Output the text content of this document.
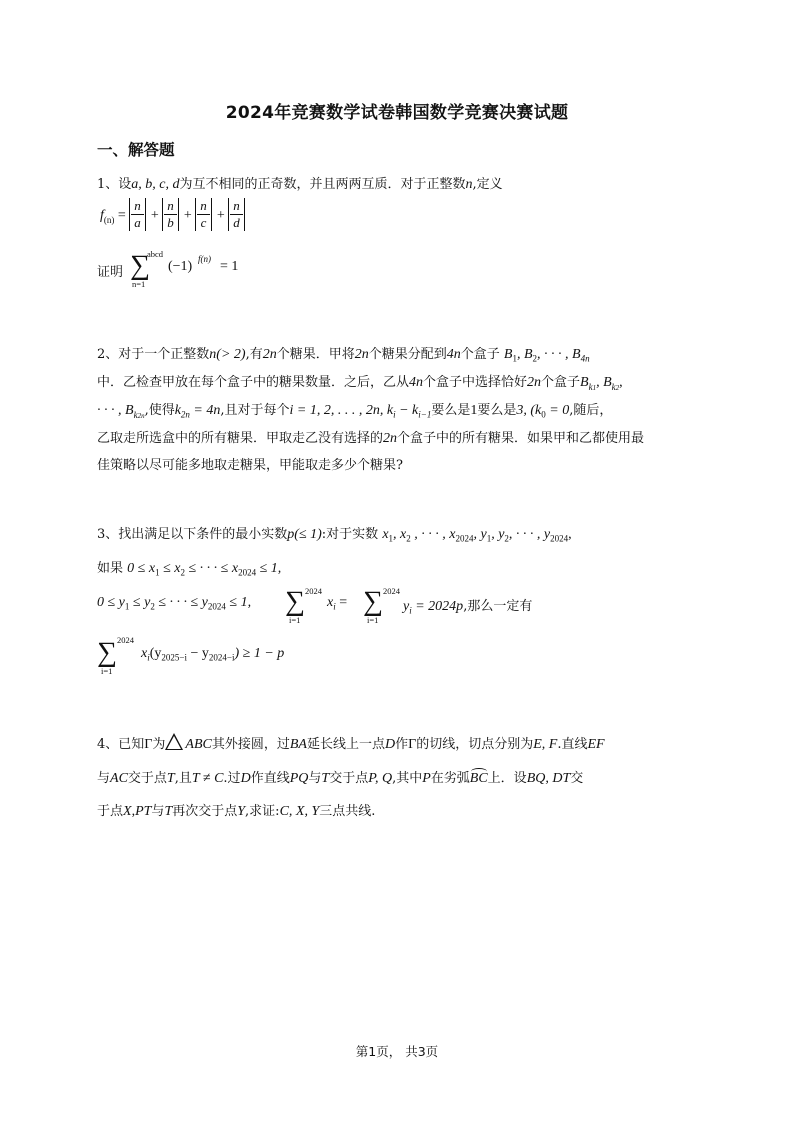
2024年竞赛数学试卷韩国数学竞赛决赛试题
一、解答题
1、设a, b, c, d为互不相同的正奇数，并且两两互质．对于正整数n,定义
$f_{(n)} = \frac{n}{a} + \frac{n}{b} + \frac{n}{c} + \frac{n}{d}$
证明
abcd
∑
n=1
(−1) f(n) = 1
2、对于一个正整数n(> 2),有2n个糖果．甲将2n个糖果分配到4n个盒子 $B_1$, $B_2$, · · · , $B_{4n}$
中．乙检查甲放在每个盒子中的糖果数量．之后，乙从4n个盒子中选择恰好2n个盒子$B_{k1}$, $B_{k2}$,
· · · , $B_{k2n}$,使得$k_{2n} = 4n$,且对于每个i = 1, 2, . . . , 2n, $k_i - k_{i-1}$要么是1要么是3, ($k_0 = 0$,随后，
乙取走所选盒中的所有糖果．甲取走乙没有选择的2n个盒子中的所有糖果．如果甲和乙都使用最
佳策略以尽可能多地取走糖果，甲能取走多少个糖果?
3、找出满足以下条件的最小实数p(≤ 1):对于实数 $x_1$, $x_2$ , · · · , $x_{2024}$, $y_1$, $y_2$, · · · , $y_{2024}$,
如果 $0 \le x_1 \le x_2$ ≤ · · · ≤ $x_{2024} \le 1$,
$0 \le y_1 \le y_2$ ≤ · · · ≤ $y_{2024} \le 1$,
2024
∑
i=1
$x_i$ =
2024
∑
i=1
$y_i = 2024p$,那么一定有
2024
∑
i=1
$x_i(y_{2025-i} - y_{2024-i}) \ge 1 - p$
4、已知Γ为 ABC其外接圆，过BA延长线上一点D作Γ的切线，切点分别为E, F.直线EF
与AC交于点T,且T ≠ C.过D作直线PQ与T交于点P, Q,其中P在劣弧BC上．设BQ, DT交
于点X,PT与T再次交于点Y,求证:C, X, Y三点共线.
第1页， 共3页
